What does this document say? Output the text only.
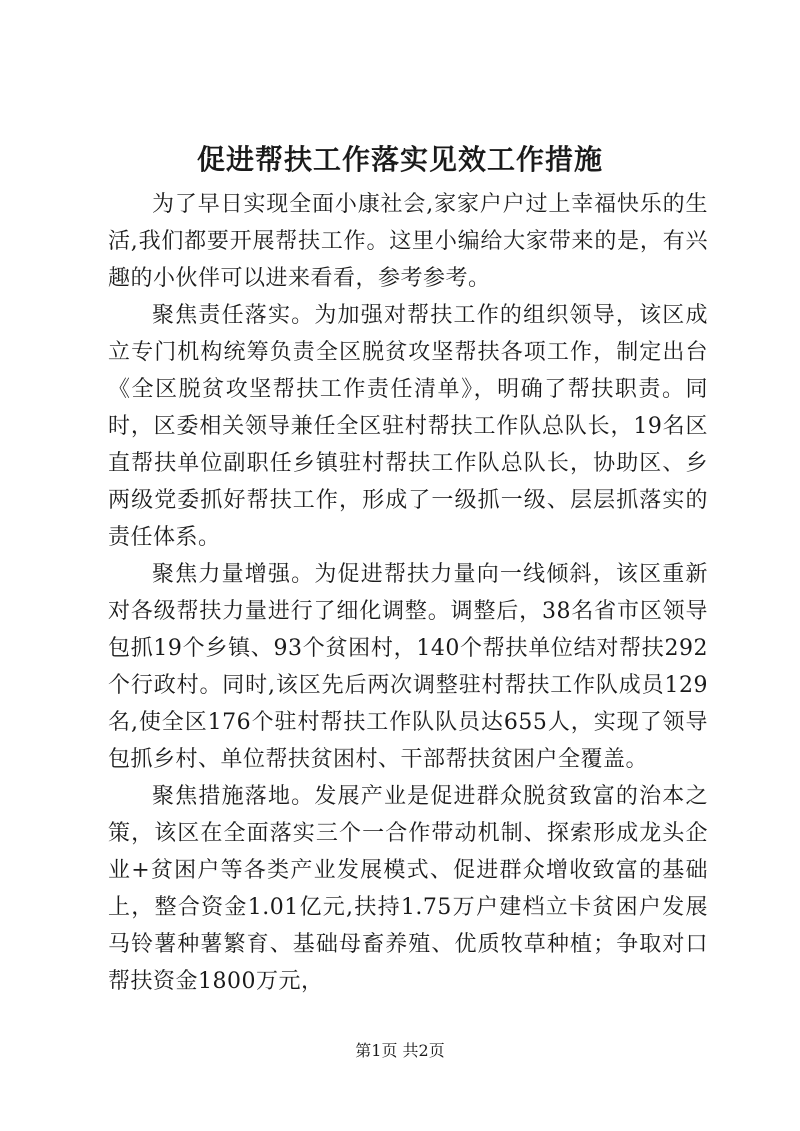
促进帮扶工作落实见效工作措施

为了早日实现全面小康社会,家家户户过上幸福快乐的生活,我们都要开展帮扶工作。这里小编给大家带来的是，有兴趣的小伙伴可以进来看看，参考参考。

聚焦责任落实。为加强对帮扶工作的组织领导，该区成立专门机构统筹负责全区脱贫攻坚帮扶各项工作，制定出台《全区脱贫攻坚帮扶工作责任清单》，明确了帮扶职责。同时，区委相关领导兼任全区驻村帮扶工作队总队长，19名区直帮扶单位副职任乡镇驻村帮扶工作队总队长，协助区、乡两级党委抓好帮扶工作，形成了一级抓一级、层层抓落实的责任体系。

聚焦力量增强。为促进帮扶力量向一线倾斜，该区重新对各级帮扶力量进行了细化调整。调整后，38名省市区领导包抓19个乡镇、93个贫困村，140个帮扶单位结对帮扶292个行政村。同时,该区先后两次调整驻村帮扶工作队成员129名,使全区176个驻村帮扶工作队队员达655人，实现了领导包抓乡村、单位帮扶贫困村、干部帮扶贫困户全覆盖。

聚焦措施落地。发展产业是促进群众脱贫致富的治本之策，该区在全面落实三个一合作带动机制、探索形成龙头企业+贫困户等各类产业发展模式、促进群众增收致富的基础上，整合资金1.01亿元,扶持1.75万户建档立卡贫困户发展马铃薯种薯繁育、基础母畜养殖、优质牧草种植；争取对口帮扶资金1800万元，

第1页 共2页
